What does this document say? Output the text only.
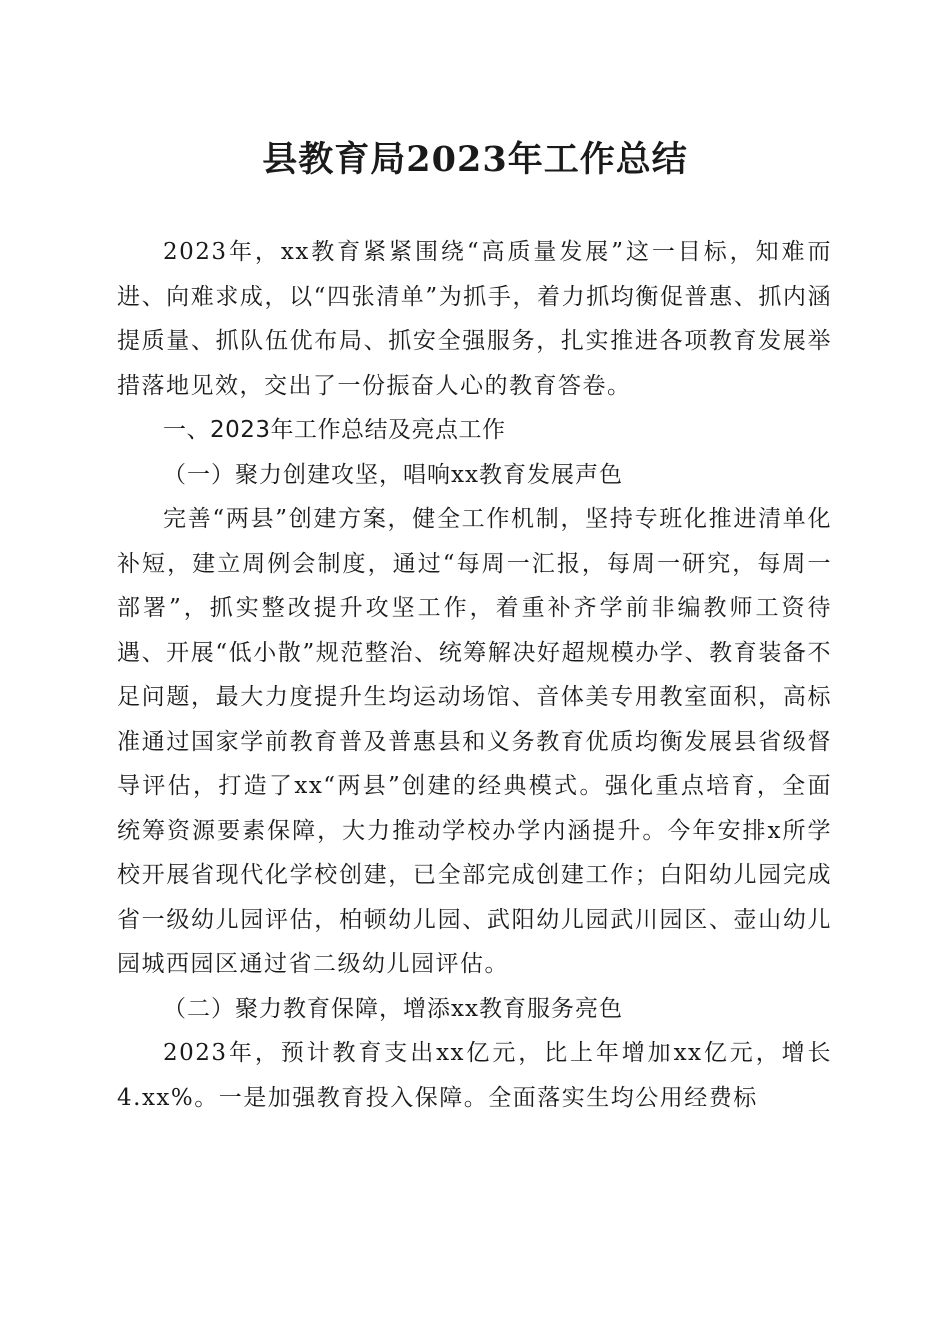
县教育局2023年工作总结

2023年，xx教育紧紧围绕“高质量发展”这一目标，知难而进、向难求成，以“四张清单”为抓手，着力抓均衡促普惠、抓内涵提质量、抓队伍优布局、抓安全强服务，扎实推进各项教育发展举措落地见效，交出了一份振奋人心的教育答卷。

一、2023年工作总结及亮点工作

（一）聚力创建攻坚，唱响xx教育发展声色

完善“两县”创建方案，健全工作机制，坚持专班化推进清单化补短，建立周例会制度，通过“每周一汇报，每周一研究，每周一部署”，抓实整改提升攻坚工作，着重补齐学前非编教师工资待遇、开展“低小散”规范整治、统筹解决好超规模办学、教育装备不足问题，最大力度提升生均运动场馆、音体美专用教室面积，高标准通过国家学前教育普及普惠县和义务教育优质均衡发展县省级督导评估，打造了xx“两县”创建的经典模式。强化重点培育，全面统筹资源要素保障，大力推动学校办学内涵提升。今年安排x所学校开展省现代化学校创建，已全部完成创建工作；白阳幼儿园完成省一级幼儿园评估，柏顿幼儿园、武阳幼儿园武川园区、壶山幼儿园城西园区通过省二级幼儿园评估。

（二）聚力教育保障，增添xx教育服务亮色

2023年，预计教育支出xx亿元，比上年增加xx亿元，增长4.xx%。一是加强教育投入保障。全面落实生均公用经费标
